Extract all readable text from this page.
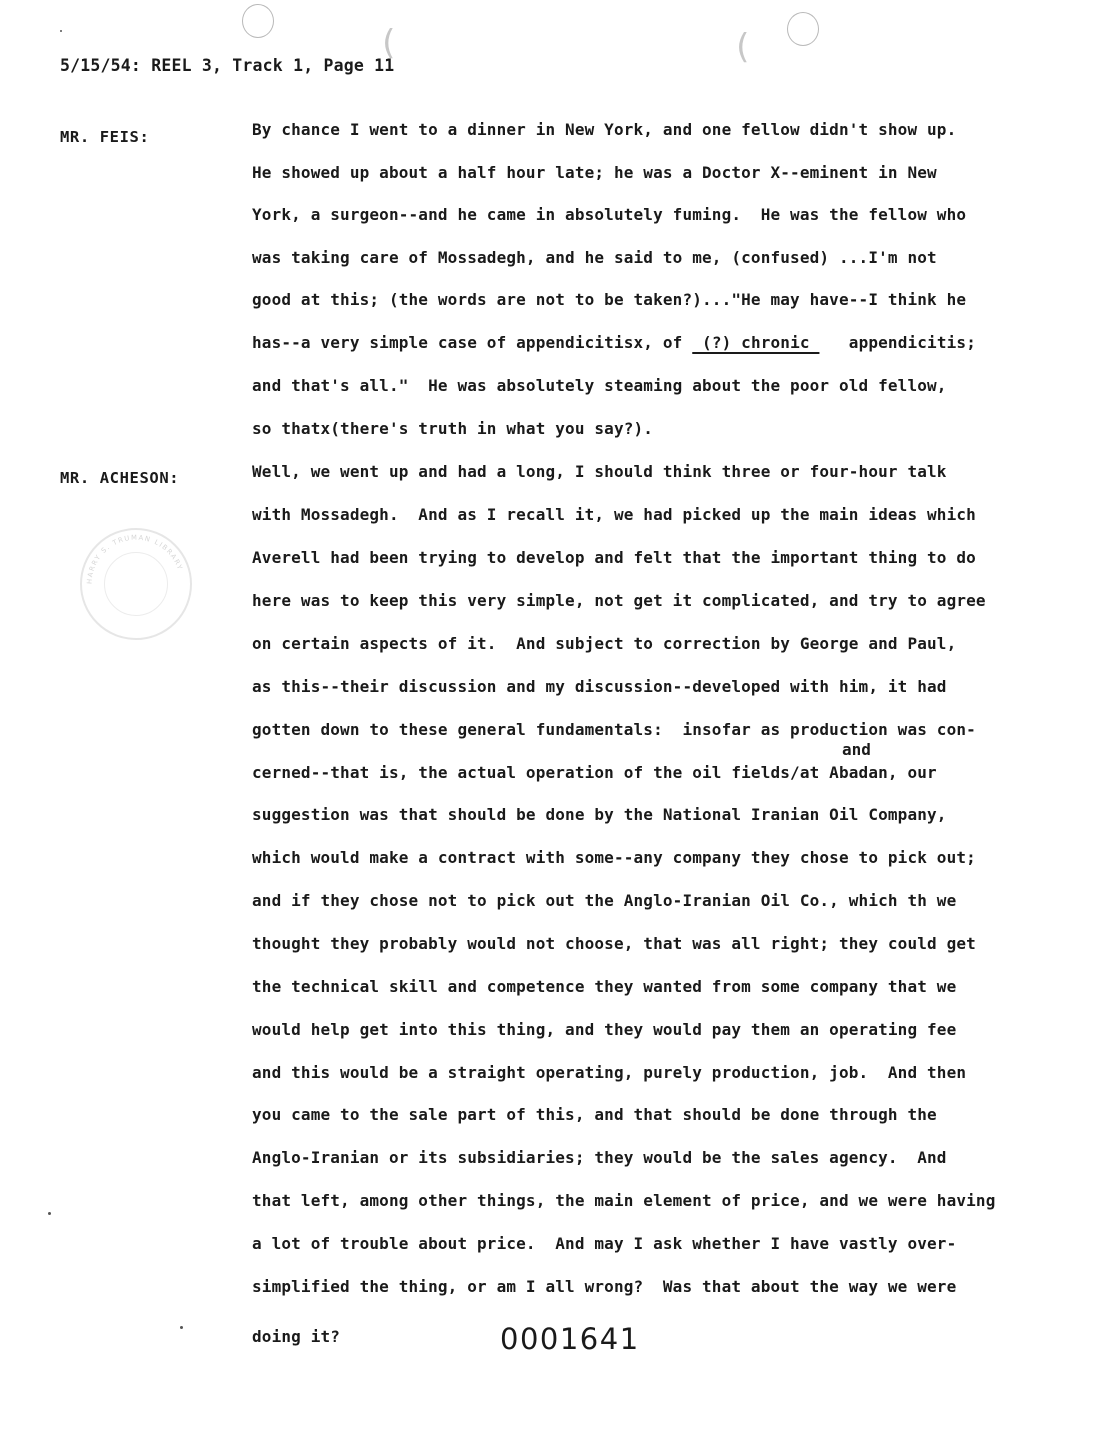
(	(
5/15/54: REEL 3, Track 1, Page 11
MR. FEIS:	By chance I went to a dinner in New York, and one fellow didn't show up.
He showed up about a half hour late; he was a Doctor X--eminent in New
York, a surgeon--and he came in absolutely fuming.  He was the fellow who
was taking care of Mossadegh, and he said to me, (confused) ...I'm not
good at this; (the words are not to be taken?)..."He may have--I think he
has--a very simple case of appendicitisx, of  (?) chronic    appendicitis;
and that's all."  He was absolutely steaming about the poor old fellow,
so thatx(there's truth in what you say?).
MR. ACHESON:	Well, we went up and had a long, I should think three or four-hour talk
with Mossadegh.  And as I recall it, we had picked up the main ideas which
Averell had been trying to develop and felt that the important thing to do
here was to keep this very simple, not get it complicated, and try to agree
on certain aspects of it.  And subject to correction by George and Paul,
as this--their discussion and my discussion--developed with him, it had
gotten down to these general fundamentals:  insofar as production was con-
and
cerned--that is, the actual operation of the oil fields/at Abadan, our
suggestion was that should be done by the National Iranian Oil Company,
which would make a contract with some--any company they chose to pick out;
and if they chose not to pick out the Anglo-Iranian Oil Co., which th we
thought they probably would not choose, that was all right; they could get
the technical skill and competence they wanted from some company that we
would help get into this thing, and they would pay them an operating fee
and this would be a straight operating, purely production, job.  And then
you came to the sale part of this, and that should be done through the
Anglo-Iranian or its subsidiaries; they would be the sales agency.  And
that left, among other things, the main element of price, and we were having
a lot of trouble about price.  And may I ask whether I have vastly over-
simplified the thing, or am I all wrong?  Was that about the way we were
doing it?
HARRY S. TRUMAN LIBRARY
0001641
